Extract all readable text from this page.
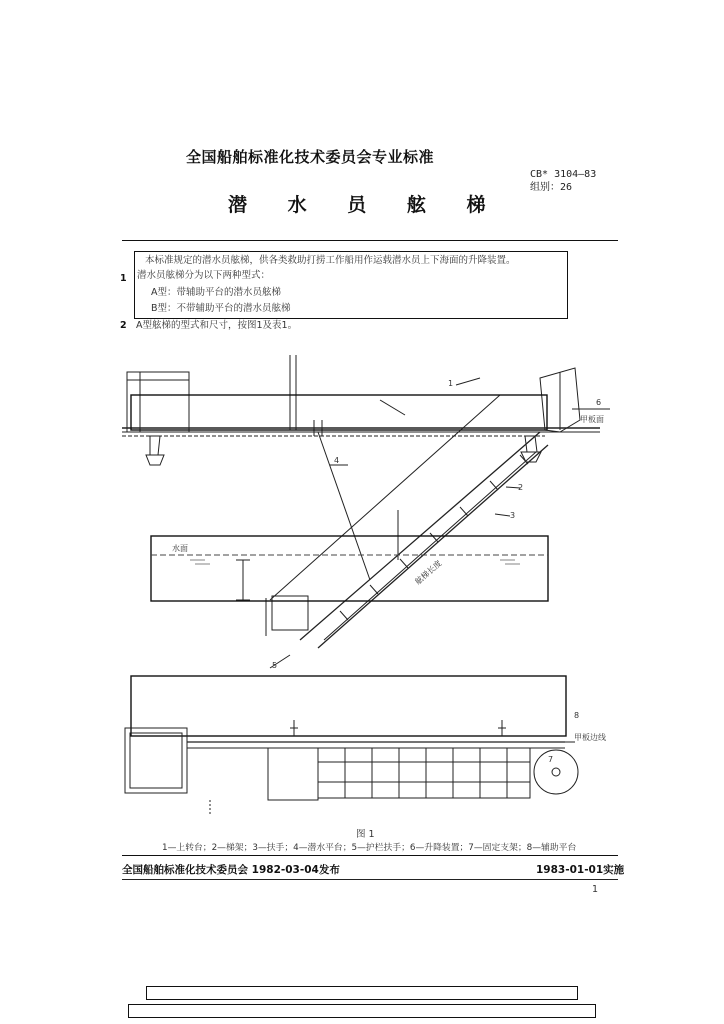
全国船舶标准化技术委员会专业标准
CB* 3104—83
组别：26
潜 水 员 舷 梯
1
本标准规定的潜水员舷梯，供各类救助打捞工作船用作运载潜水员上下海面的升降装置。
潜水员舷梯分为以下两种型式：
A型：带辅助平台的潜水员舷梯
B型：不带辅助平台的潜水员舷梯
2 A型舷梯的型式和尺寸，按图1及表1。
1
2
3
4
5
6
7
8
甲板面
水面
舷梯长度
甲板边线
图 1
1—上转台；2—梯架；3—扶手；4—潜水平台；5—护栏扶手；6—升降装置；7—固定支架；8—辅助平台
全国船舶标准化技术委员会 1982-03-04发布	1983-01-01实施
1
